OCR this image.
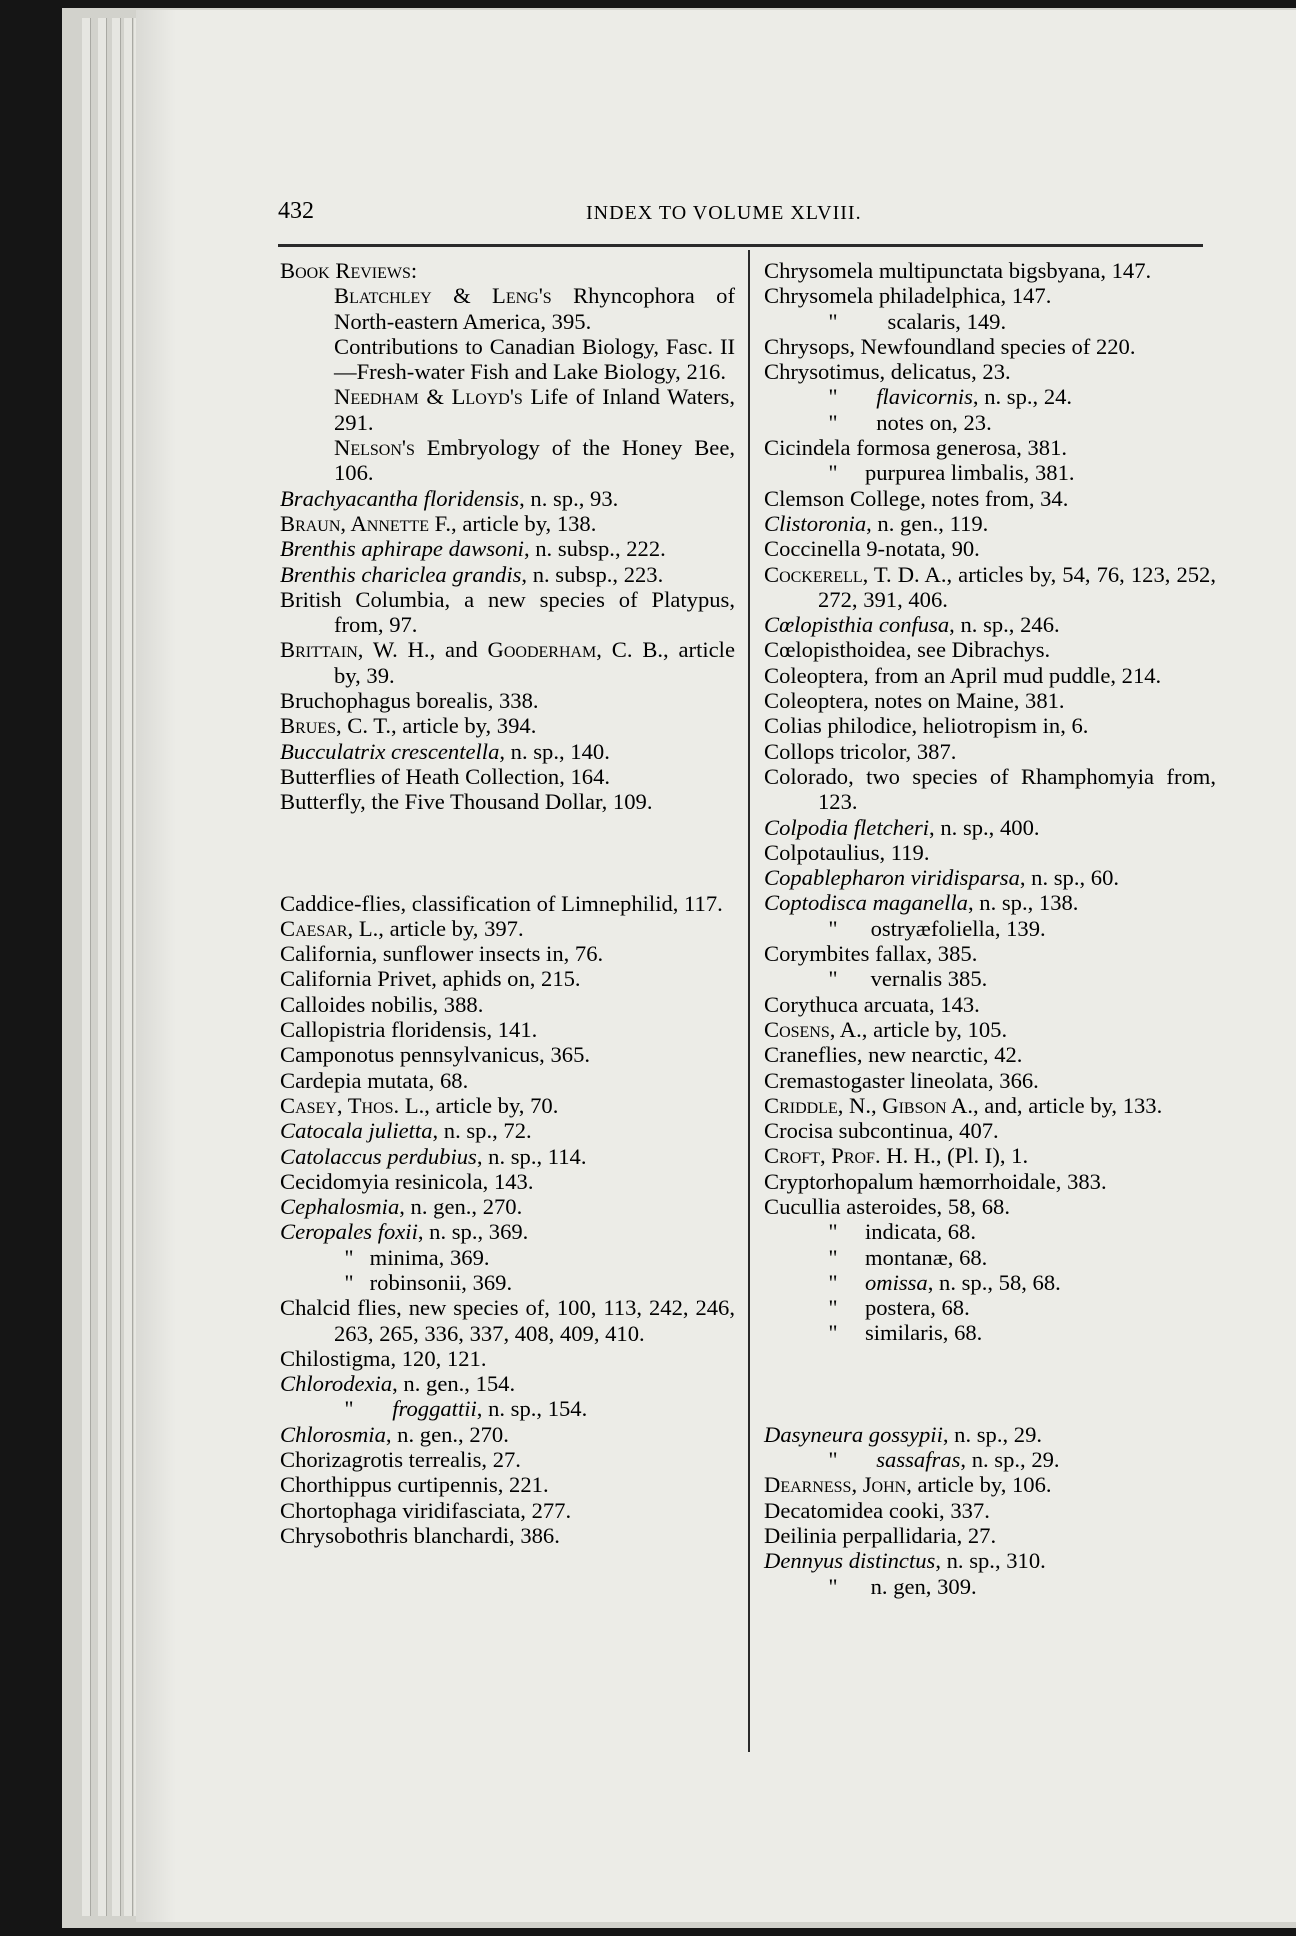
432	INDEX TO VOLUME XLVIII.
Book Reviews:
Blatchley & Leng's Rhyncophora of North-eastern America, 395.
Contributions to Canadian Biology, Fasc. II—Fresh-water Fish and Lake Biology, 216.
Needham & Lloyd's Life of Inland Waters, 291.
Nelson's Embryology of the Honey Bee, 106.
Brachyacantha floridensis, n. sp., 93.
Braun, Annette F., article by, 138.
Brenthis aphirape dawsoni, n. subsp., 222.
Brenthis chariclea grandis, n. subsp., 223.
British Columbia, a new species of Platypus, from, 97.
Brittain, W. H., and Gooderham, C. B., article by, 39.
Bruchophagus borealis, 338.
Brues, C. T., article by, 394.
Bucculatrix crescentella, n. sp., 140.
Butterflies of Heath Collection, 164.
Butterfly, the Five Thousand Dollar, 109.
Caddice-flies, classification of Limnephilid, 117.
Caesar, L., article by, 397.
California, sunflower insects in, 76.
California Privet, aphids on, 215.
Calloides nobilis, 388.
Callopistria floridensis, 141.
Camponotus pennsylvanicus, 365.
Cardepia mutata, 68.
Casey, Thos. L., article by, 70.
Catocala julietta, n. sp., 72.
Catolaccus perdubius, n. sp., 114.
Cecidomyia resinicola, 143.
Cephalosmia, n. gen., 270.
Ceropales foxii, n. sp., 369.
" minima, 369.
" robinsonii, 369.
Chalcid flies, new species of, 100, 113, 242, 246, 263, 265, 336, 337, 408, 409, 410.
Chilostigma, 120, 121.
Chlorodexia, n. gen., 154.
" froggattii, n. sp., 154.
Chlorosmia, n. gen., 270.
Chorizagrotis terrealis, 27.
Chorthippus curtipennis, 221.
Chortophaga viridifasciata, 277.
Chrysobothris blanchardi, 386.
Chrysomela multipunctata bigsbyana, 147.
Chrysomela philadelphica, 147.
"       scalaris, 149.
Chrysops, Newfoundland species of 220.
Chrysotimus, delicatus, 23.
" flavicornis, n. sp., 24.
"     notes on, 23.
Cicindela formosa generosa, 381.
"   purpurea limbalis, 381.
Clemson College, notes from, 34.
Clistoronia, n. gen., 119.
Coccinella 9-notata, 90.
Cockerell, T. D. A., articles by, 54, 76, 123, 252, 272, 391, 406.
Cœlopisthia confusa, n. sp., 246.
Cœlopisthoidea, see Dibrachys.
Coleoptera, from an April mud puddle, 214.
Coleoptera, notes on Maine, 381.
Colias philodice, heliotropism in, 6.
Collops tricolor, 387.
Colorado, two species of Rhamphomyia from, 123.
Colpodia fletcheri, n. sp., 400.
Colpotaulius, 119.
Copablepharon viridisparsa, n. sp., 60.
Coptodisca maganella, n. sp., 138.
"    ostryæfoliella, 139.
Corymbites fallax, 385.
"    vernalis 385.
Corythuca arcuata, 143.
Cosens, A., article by, 105.
Craneflies, new nearctic, 42.
Cremastogaster lineolata, 366.
Criddle, N., Gibson A., and, article by, 133.
Crocisa subcontinua, 407.
Croft, Prof. H. H., (Pl. I), 1.
Cryptorhopalum hæmorrhoidale, 383.
Cucullia asteroides, 58, 68.
"   indicata, 68.
"   montanæ, 68.
" omissa, n. sp., 58, 68.
"   postera, 68.
"   similaris, 68.
Dasyneura gossypii, n. sp., 29.
" sassafras, n. sp., 29.
Dearness, John, article by, 106.
Decatomidea cooki, 337.
Deilinia perpallidaria, 27.
Dennyus distinctus, n. sp., 310.
"    n. gen, 309.
